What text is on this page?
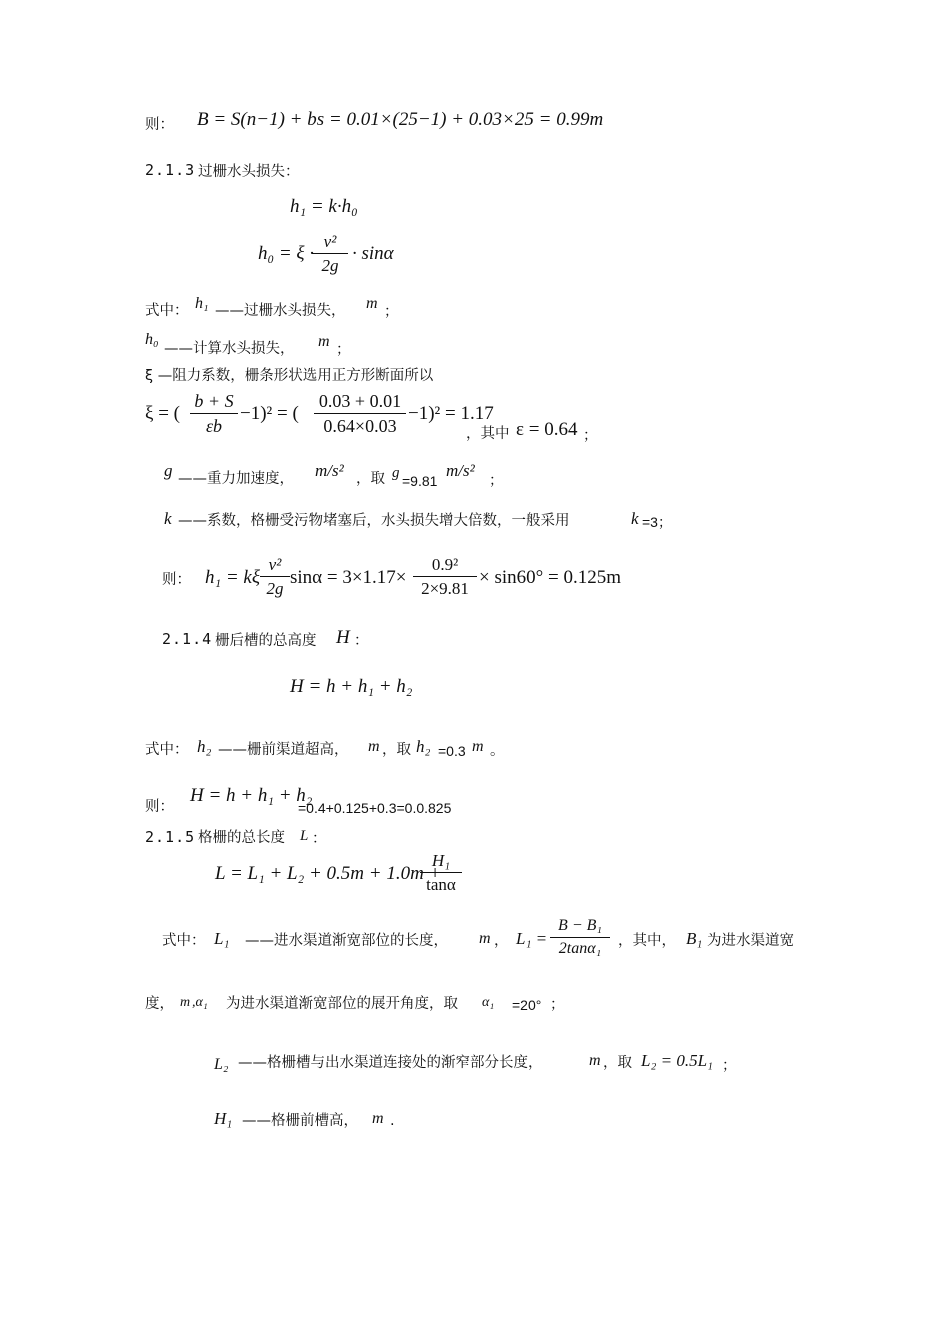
则： B = S(n−1) + bs = 0.01×(25−1) + 0.03×25 = 0.99m
2.1.3 过栅水头损失：
h₁ = k·h₀
h₀ = ξ ·
v²
2g
· sinα
式中： h₁ ——过栅水头损失， m ；
h₀
——计算水头损失， m ；
ξ —阻力系数，栅条形状选用正方形断面所以
ξ = (
b + S
εb
−1)² = (
0.03 + 0.01
0.64×0.03
−1)² = 1.17
，其中 ε = 0.64 ；
g ——重力加速度， m/s² ，取 g =9.81
m/s²
；
k ——系数，格栅受污物堵塞后，水头损失增大倍数，一般采用	k =3；
则： h₁ = kξ
v²
2g
sinα = 3×1.17×
0.9²
2×9.81
× sin60° = 0.125m
2.1.4 栅后槽的总高度 H ：
H = h + h₁ + h₂
式中： h₂ ——栅前渠道超高， m ，取 h₂ =0.3 m 。
则：
H = h + h₁ + h₂
=0.4+0.125+0.3=0.0.825
2.1.5 格栅的总长度 L ：
L = L₁ + L₂ + 0.5m + 1.0m +
H₁
tanα
式中： L₁ ——进水渠道渐宽部位的长度， m ， L₁ =
B − B₁
2tanα₁	，其中， B₁ 为进水渠道宽
度， m ,α₁ 为进水渠道渐宽部位的展开角度，取 α₁ =20° ；
L₂ ——格栅槽与出水渠道连接处的渐窄部分长度，	m ，取 L₂ = 0.5L₁ ；
H₁ ——格栅前槽高， m .
